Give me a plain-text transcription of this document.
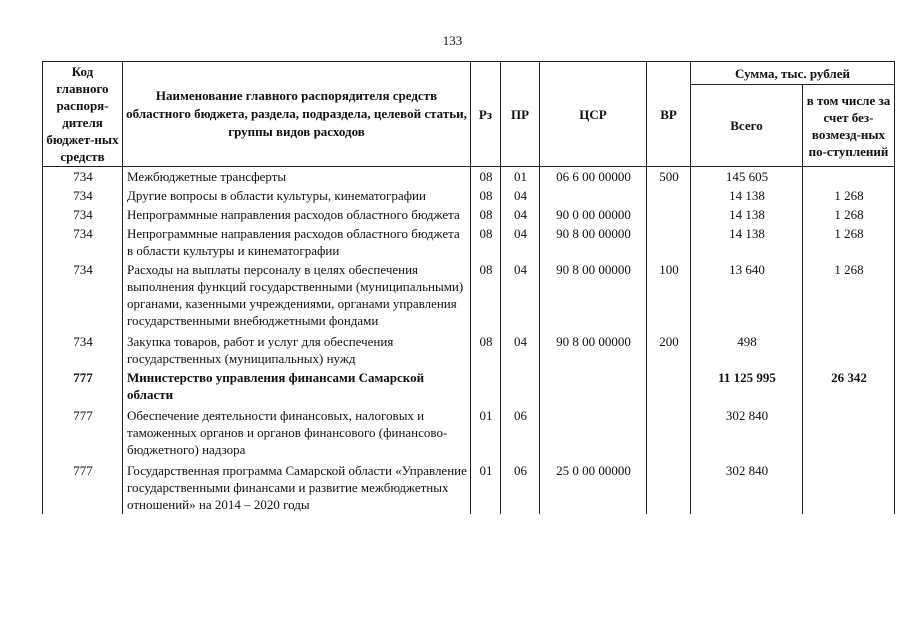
133
Код главного распоря-дителя бюджет-ных средств	Наименование главного распорядителя средств областного бюджета, раздела, подраздела, целевой статьи, группы видов расходов	Рз	ПР	ЦСР	ВР	Сумма, тыс. рублей	
						Всего	в том числе за счет без-возмезд-ных по-ступлений
734	Межбюджетные трансферты	08	01	06 6 00 00000	500	145 605	
734	Другие вопросы в области культуры, кинематографии	08	04			14 138	1 268
734	Непрограммные направления расходов областного бюджета	08	04	90 0 00 00000		14 138	1 268
734	Непрограммные направления расходов областного бюджета в области культуры и кинематографии	08	04	90 8 00 00000		14 138	1 268
734	Расходы на выплаты персоналу в целях обеспечения выполнения функций государственными (муниципальными) органами, казенными учреждениями, органами управления государственными внебюджетными фондами	08	04	90 8 00 00000	100	13 640	1 268
734	Закупка товаров, работ и услуг для обеспечения государственных (муниципальных) нужд	08	04	90 8 00 00000	200	498	
777	Министерство управления финансами Самарской области					11 125 995	26 342
777	Обеспечение деятельности финансовых, налоговых и таможенных органов и органов финансового (финансово-бюджетного) надзора	01	06			302 840	
777	Государственная программа Самарской области «Управление государственными финансами и развитие межбюджетных отношений» на 2014 – 2020 годы	01	06	25 0 00 00000		302 840	
